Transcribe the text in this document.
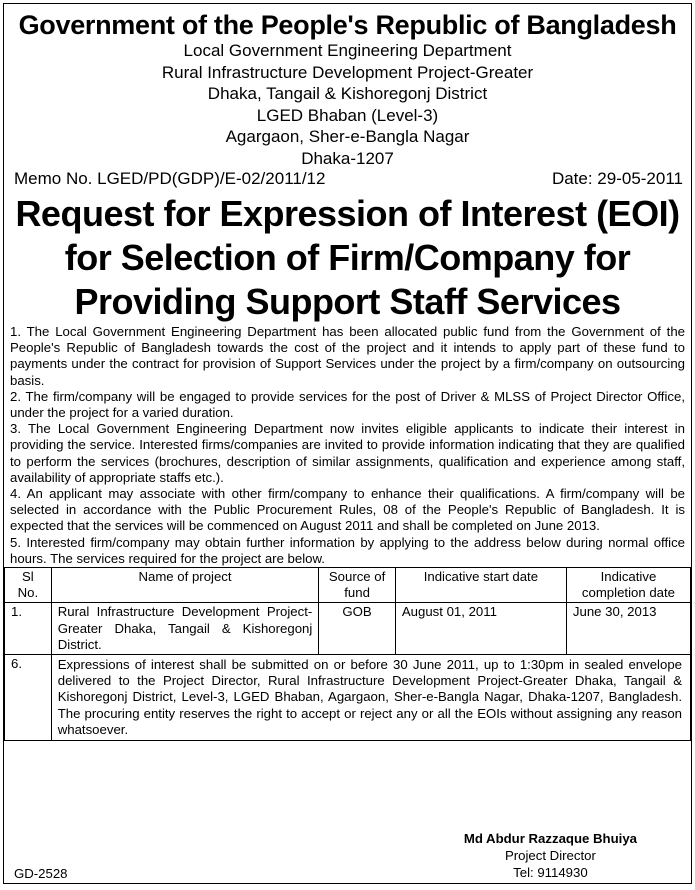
Government of the People's Republic of Bangladesh
Local Government Engineering Department
Rural Infrastructure Development Project-Greater
Dhaka, Tangail & Kishoregonj District
LGED Bhaban (Level-3)
Agargaon, Sher-e-Bangla Nagar
Dhaka-1207
Memo No. LGED/PD(GDP)/E-02/2011/12	Date: 29-05-2011
Request for Expression of Interest (EOI)
for Selection of Firm/Company for
Providing Support Staff Services

1. The Local Government Engineering Department has been allocated public fund from the Government of the People's Republic of Bangladesh towards the cost of the project and it intends to apply part of these fund to payments under the contract for provision of Support Services under the project by a firm/company on outsourcing basis.

2. The firm/company will be engaged to provide services for the post of Driver & MLSS of Project Director Office, under the project for a varied duration.

3. The Local Government Engineering Department now invites eligible applicants to indicate their interest in providing the service. Interested firms/companies are invited to provide information indicating that they are qualified to perform the services (brochures, description of similar assignments, qualification and experience among staff, availability of appropriate staffs etc.).

4. An applicant may associate with other firm/company to enhance their qualifications. A firm/company will be selected in accordance with the Public Procurement Rules, 08 of the People's Republic of Bangladesh. It is expected that the services will be commenced on August 2011 and shall be completed on June 2013.

5. Interested firm/company may obtain further information by applying to the address below during normal office hours. The services required for the project are below.

Sl No.	Name of project	Source of fund	Indicative start date	Indicative completion date
1.	Rural Infrastructure Development Project-Greater Dhaka, Tangail & Kishoregonj District.	GOB	August 01, 2011	June 30, 2013
6.	Expressions of interest shall be submitted on or before 30 June 2011, up to 1:30pm in sealed envelope delivered to the Project Director, Rural Infrastructure Development Project-Greater Dhaka, Tangail & Kishoregonj District, Level-3, LGED Bhaban, Agargaon, Sher-e-Bangla Nagar, Dhaka-1207, Bangladesh. The procuring entity reserves the right to accept or reject any or all the EOIs without assigning any reason whatsoever.			
Md Abdur Razzaque Bhuiya
Project Director
Tel: 9114930
GD-2528
